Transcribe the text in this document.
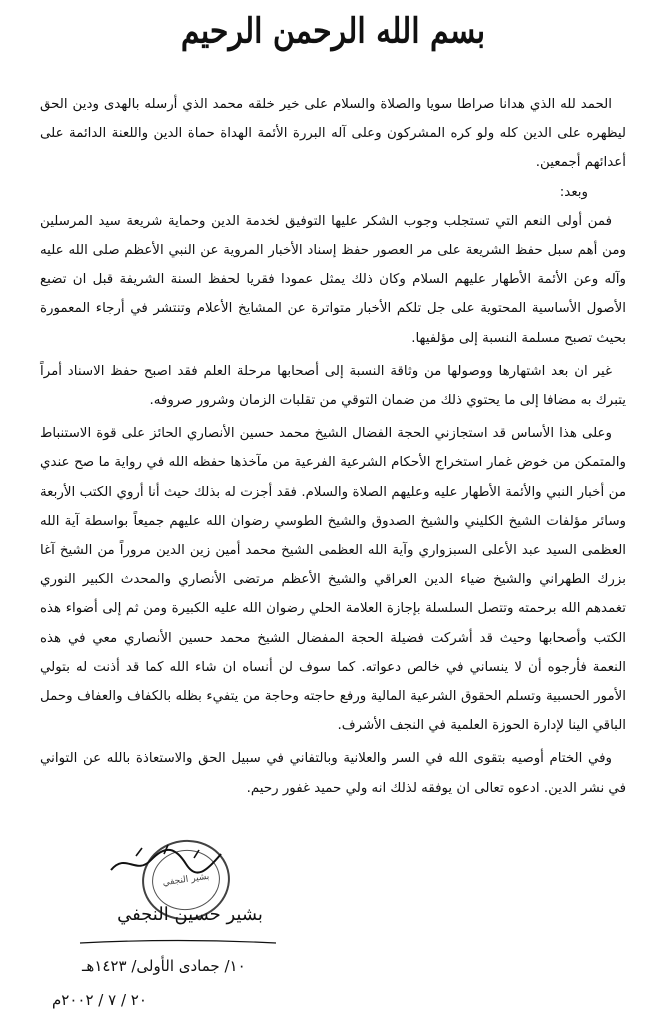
بسم الله الرحمن الرحيم

الحمد لله الذي هدانا صراطا سويا والصلاة والسلام على خير خلقه محمد الذي أرسله بالهدى ودين الحق ليظهره على الدين كله ولو كره المشركون وعلى آله البررة الأئمة الهداة حماة الدين واللعنة الدائمة على أعدائهم أجمعين.

وبعد:

فمن أولى النعم التي تستجلب وجوب الشكر عليها التوفيق لخدمة الدين وحماية شريعة سيد المرسلين ومن أهم سبل حفظ الشريعة على مر العصور حفظ إسناد الأخبار المروية عن النبي الأعظم صلى الله عليه وآله وعن الأئمة الأطهار عليهم السلام وكان ذلك يمثل عمودا فقريا لحفظ السنة الشريفة قبل ان تضبع الأصول الأساسية المحتوية على جل تلكم الأخبار متواترة عن المشايخ الأعلام وتنتشر في أرجاء المعمورة بحيث تصبح مسلمة النسبة إلى مؤلفيها.

غير ان بعد اشتهارها ووصولها من وثاقة النسبة إلى أصحابها مرحلة العلم فقد اصبح حفظ الاسناد أمراً يتبرك به مضافا إلى ما يحتوي ذلك من ضمان التوقي من تقلبات الزمان وشرور صروفه.

وعلى هذا الأساس قد استجازني الحجة الفضال الشيخ محمد حسين الأنصاري الحائز على قوة الاستنباط والمتمكن من خوض غمار استخراج الأحكام الشرعية الفرعية من مآخذها حفظه الله في رواية ما صح عندي من أخبار النبي والأئمة الأطهار عليه وعليهم الصلاة والسلام. فقد أجزت له بذلك حيث أنا أروي الكتب الأربعة وسائر مؤلفات الشيخ الكليني والشيخ الصدوق والشيخ الطوسي رضوان الله عليهم جميعاً بواسطة آية الله العظمى السيد عبد الأعلى السبزواري وآية الله العظمى الشيخ محمد أمين زين الدين مروراً من الشيخ آغا بزرك الطهراني والشيخ ضياء الدين العراقي والشيخ الأعظم مرتضى الأنصاري والمحدث الكبير النوري تغمدهم الله برحمته وتتصل السلسلة بإجازة العلامة الحلي رضوان الله عليه الكبيرة ومن ثم إلى أضواء هذه الكتب وأصحابها وحيث قد أشركت فضيلة الحجة المفضال الشيخ محمد حسين الأنصاري معي في هذه النعمة فأرجوه أن لا ينساني في خالص دعواته. كما سوف لن أنساه ان شاء الله كما قد أذنت له بتولي الأمور الحسبية وتسلم الحقوق الشرعية المالية ورفع حاجته وحاجة من يتفيء بظله بالكفاف والعفاف وحمل الباقي الينا لإدارة الحوزة العلمية في النجف الأشرف.

وفي الختام أوصيه بتقوى الله في السر والعلانية وبالتفاني في سبيل الحق والاستعاذة بالله عن التواني في نشر الدين. ادعوه تعالى ان يوفقه لذلك انه ولي حميد غفور رحيم.

بشير النجفي
بشير حسين النجفي
١٠/ جمادى الأولى/ ١٤٢٣هـ
٢٠ / ٧ / ٢٠٠٢م
